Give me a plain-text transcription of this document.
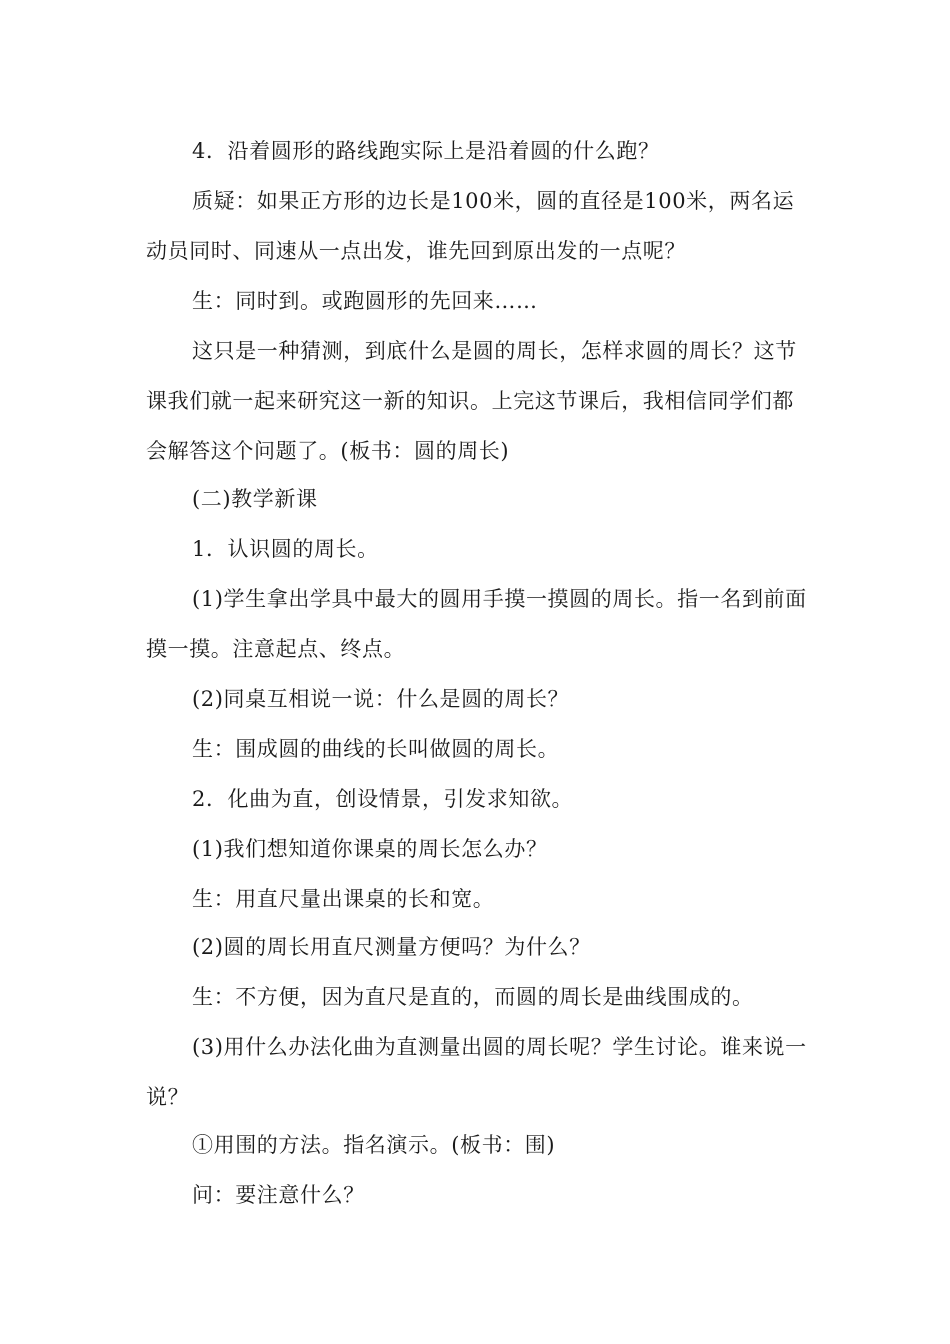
4．沿着圆形的路线跑实际上是沿着圆的什么跑？

质疑：如果正方形的边长是100米，圆的直径是100米，两名运动员同时、同速从一点出发，谁先回到原出发的一点呢？

生：同时到。或跑圆形的先回来……

这只是一种猜测，到底什么是圆的周长，怎样求圆的周长？这节课我们就一起来研究这一新的知识。上完这节课后，我相信同学们都会解答这个问题了。(板书：圆的周长)

(二)教学新课

1．认识圆的周长。

(1)学生拿出学具中最大的圆用手摸一摸圆的周长。指一名到前面摸一摸。注意起点、终点。

(2)同桌互相说一说：什么是圆的周长？

生：围成圆的曲线的长叫做圆的周长。

2．化曲为直，创设情景，引发求知欲。

(1)我们想知道你课桌的周长怎么办？

生：用直尺量出课桌的长和宽。

(2)圆的周长用直尺测量方便吗？为什么？

生：不方便，因为直尺是直的，而圆的周长是曲线围成的。

(3)用什么办法化曲为直测量出圆的周长呢？学生讨论。谁来说一说？

①用围的方法。指名演示。(板书：围)

问：要注意什么？
